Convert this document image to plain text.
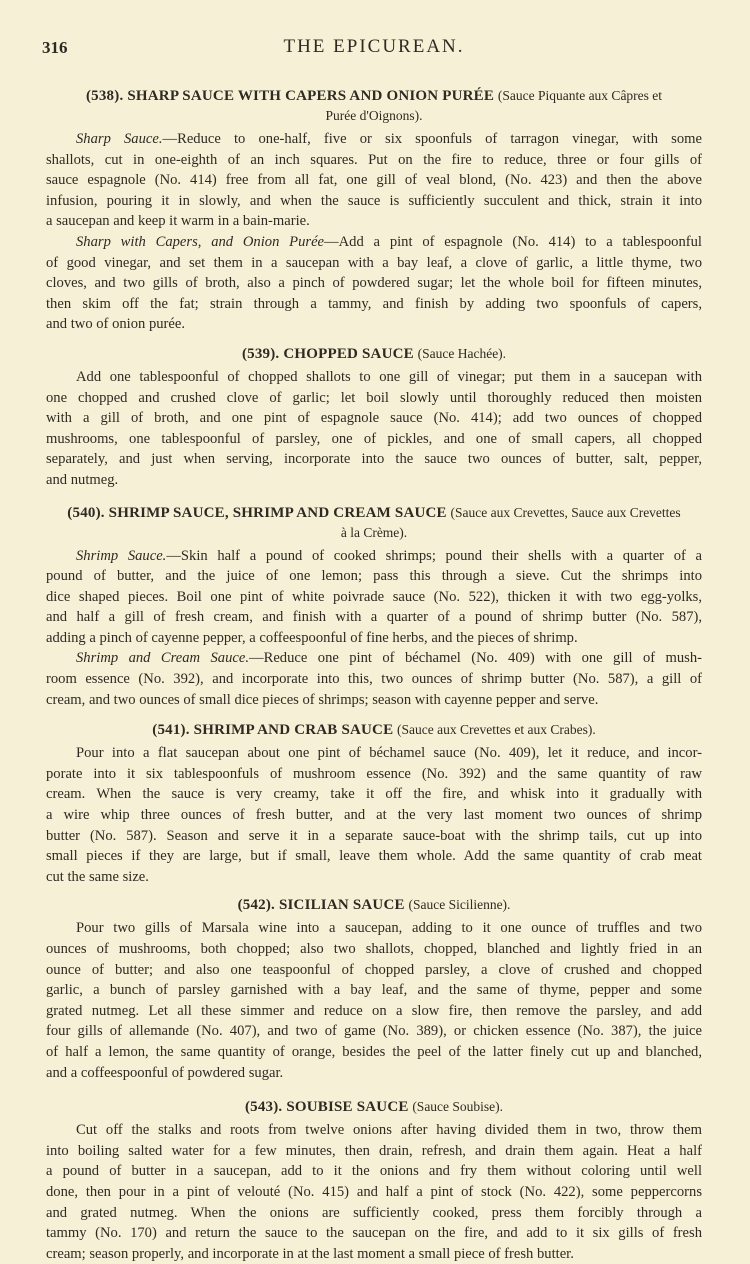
316	THE EPICUREAN.
(538). SHARP SAUCE WITH CAPERS AND ONION PURÉE (Sauce Piquante aux Câpres et
Purée d'Oignons).
Sharp Sauce.—Reduce to one-half, five or six spoonfuls of tarragon vinegar, with some
shallots, cut in one-eighth of an inch squares. Put on the fire to reduce, three or four gills of
sauce espagnole (No. 414) free from all fat, one gill of veal blond, (No. 423) and then the above
infusion, pouring it in slowly, and when the sauce is sufficiently succulent and thick, strain it into
a saucepan and keep it warm in a bain-marie.
Sharp with Capers, and Onion Purée—Add a pint of espagnole (No. 414) to a tablespoonful
of good vinegar, and set them in a saucepan with a bay leaf, a clove of garlic, a little thyme, two
cloves, and two gills of broth, also a pinch of powdered sugar; let the whole boil for fifteen minutes,
then skim off the fat; strain through a tammy, and finish by adding two spoonfuls of capers,
and two of onion purée.
(539). CHOPPED SAUCE (Sauce Hachée).
Add one tablespoonful of chopped shallots to one gill of vinegar; put them in a saucepan with
one chopped and crushed clove of garlic; let boil slowly until thoroughly reduced then moisten
with a gill of broth, and one pint of espagnole sauce (No. 414); add two ounces of chopped
mushrooms, one tablespoonful of parsley, one of pickles, and one of small capers, all chopped
separately, and just when serving, incorporate into the sauce two ounces of butter, salt, pepper,
and nutmeg.
(540). SHRIMP SAUCE, SHRIMP AND CREAM SAUCE (Sauce aux Crevettes, Sauce aux Crevettes
à la Crème).
Shrimp Sauce.—Skin half a pound of cooked shrimps; pound their shells with a quarter of a
pound of butter, and the juice of one lemon; pass this through a sieve. Cut the shrimps into
dice shaped pieces. Boil one pint of white poivrade sauce (No. 522), thicken it with two egg-yolks,
and half a gill of fresh cream, and finish with a quarter of a pound of shrimp butter (No. 587),
adding a pinch of cayenne pepper, a coffeespoonful of fine herbs, and the pieces of shrimp.
Shrimp and Cream Sauce.—Reduce one pint of béchamel (No. 409) with one gill of mush-
room essence (No. 392), and incorporate into this, two ounces of shrimp butter (No. 587), a gill of
cream, and two ounces of small dice pieces of shrimps; season with cayenne pepper and serve.
(541). SHRIMP AND CRAB SAUCE (Sauce aux Crevettes et aux Crabes).
Pour into a flat saucepan about one pint of béchamel sauce (No. 409), let it reduce, and incor-
porate into it six tablespoonfuls of mushroom essence (No. 392) and the same quantity of raw
cream. When the sauce is very creamy, take it off the fire, and whisk into it gradually with
a wire whip three ounces of fresh butter, and at the very last moment two ounces of shrimp
butter (No. 587). Season and serve it in a separate sauce-boat with the shrimp tails, cut up into
small pieces if they are large, but if small, leave them whole. Add the same quantity of crab meat
cut the same size.
(542). SICILIAN SAUCE (Sauce Sicilienne).
Pour two gills of Marsala wine into a saucepan, adding to it one ounce of truffles and two
ounces of mushrooms, both chopped; also two shallots, chopped, blanched and lightly fried in an
ounce of butter; and also one teaspoonful of chopped parsley, a clove of crushed and chopped
garlic, a bunch of parsley garnished with a bay leaf, and the same of thyme, pepper and some
grated nutmeg. Let all these simmer and reduce on a slow fire, then remove the parsley, and add
four gills of allemande (No. 407), and two of game (No. 389), or chicken essence (No. 387), the juice
of half a lemon, the same quantity of orange, besides the peel of the latter finely cut up and blanched,
and a coffeespoonful of powdered sugar.
(543). SOUBISE SAUCE (Sauce Soubise).
Cut off the stalks and roots from twelve onions after having divided them in two, throw them
into boiling salted water for a few minutes, then drain, refresh, and drain them again. Heat a half
a pound of butter in a saucepan, add to it the onions and fry them without coloring until well
done, then pour in a pint of velouté (No. 415) and half a pint of stock (No. 422), some peppercorns
and grated nutmeg. When the onions are sufficiently cooked, press them forcibly through a
tammy (No. 170) and return the sauce to the saucepan on the fire, and add to it six gills of fresh
cream; season properly, and incorporate in at the last moment a small piece of fresh butter.
